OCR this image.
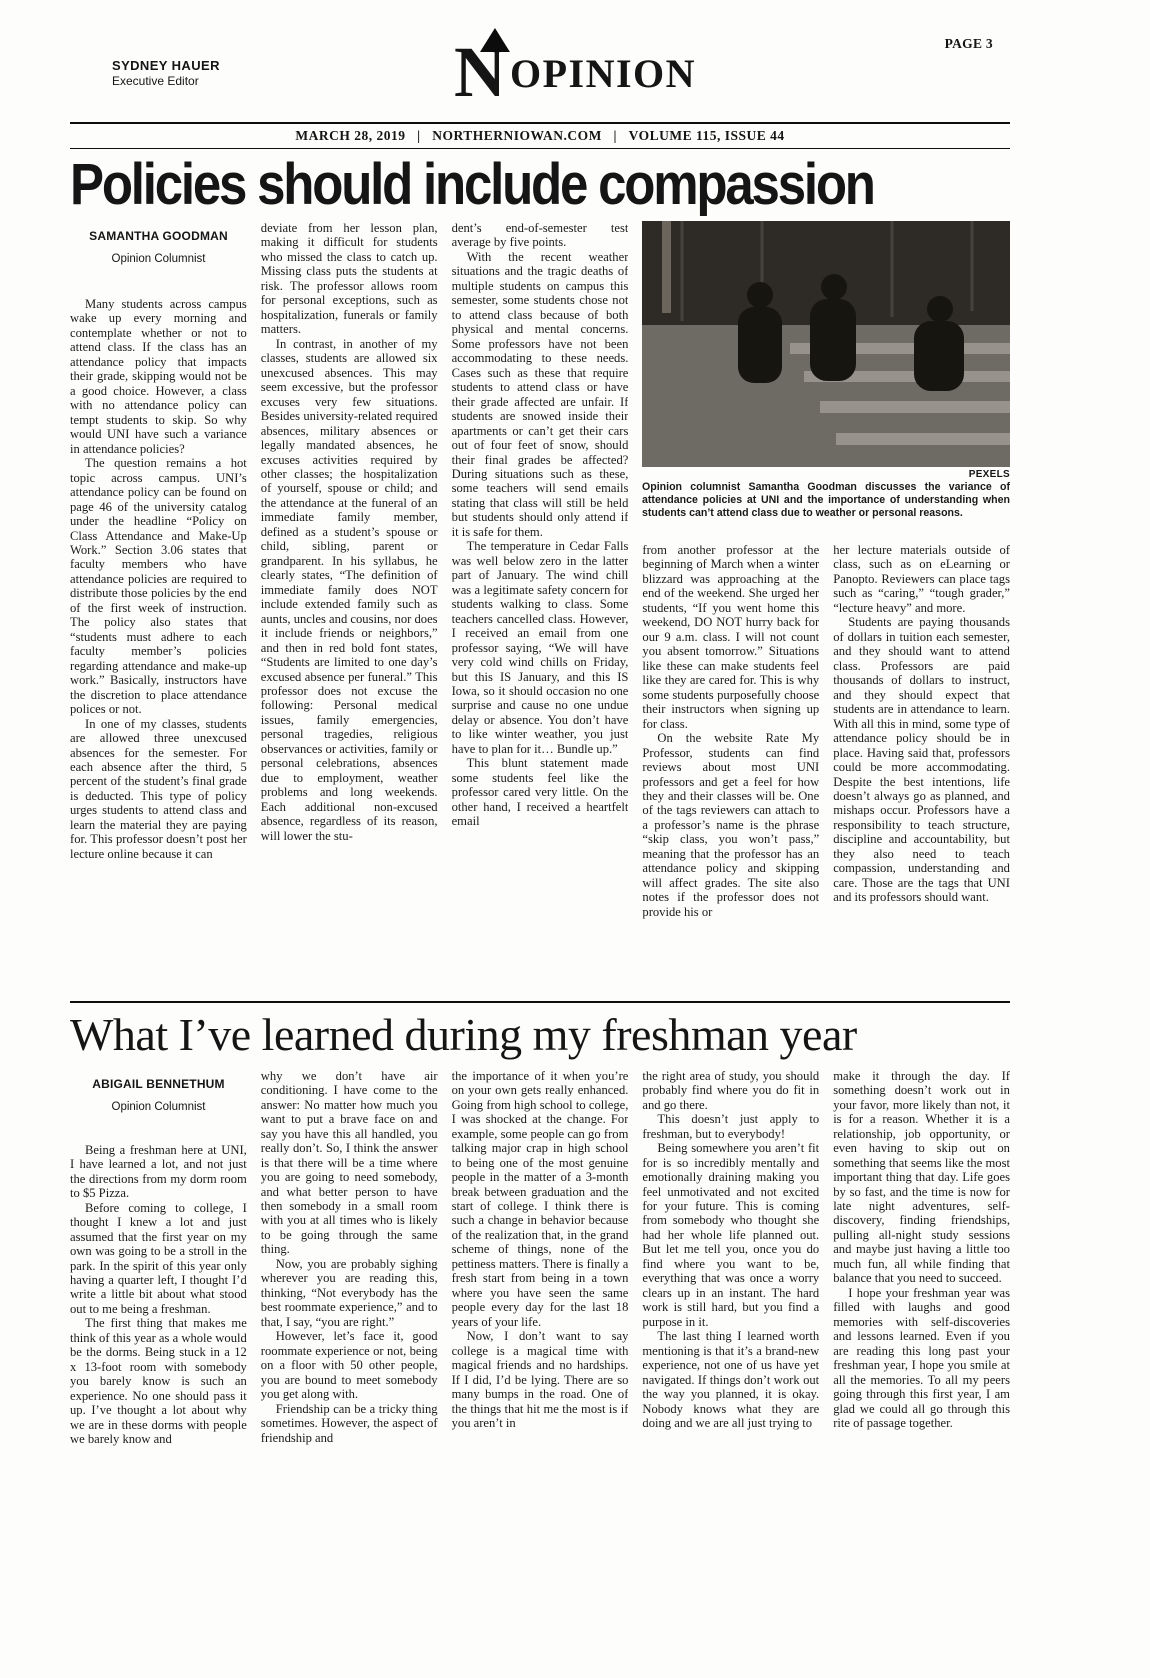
SYDNEY HAUER
Executive Editor
PAGE 3
N OPINION
MARCH 28, 2019   |   NORTHERNIOWAN.COM   |   VOLUME 115, ISSUE 44
Policies should include compassion
SAMANTHA GOODMAN
Opinion Columnist
PEXELS
Opinion columnist Samantha Goodman discusses the variance of attendance policies at UNI and the importance of understanding when students can’t attend class due to weather or personal reasons.

Many students across campus wake up every morning and contemplate whether or not to attend class. If the class has an attendance policy that impacts their grade, skipping would not be a good choice. However, a class with no attendance policy can tempt students to skip. So why would UNI have such a variance in attendance policies?

The question remains a hot topic across campus. UNI’s attendance policy can be found on page 46 of the university catalog under the headline “Policy on Class Attendance and Make-Up Work.” Section 3.06 states that faculty members who have attendance policies are required to distribute those policies by the end of the first week of instruction. The policy also states that “students must adhere to each faculty member’s policies regarding attendance and make-up work.” Basically, instructors have the discretion to place attendance polices or not.

In one of my classes, students are allowed three unexcused absences for the semester. For each absence after the third, 5 percent of the student’s final grade is deducted. This type of policy urges students to attend class and learn the material they are paying for. This professor doesn’t post her lecture online because it can

deviate from her lesson plan, making it difficult for students who missed the class to catch up. Missing class puts the students at risk. The professor allows room for personal exceptions, such as hospitalization, funerals or family matters.

In contrast, in another of my classes, students are allowed six unexcused absences. This may seem excessive, but the professor excuses very few situations. Besides university-related required absences, military absences or legally mandated absences, he excuses activities required by other classes; the hospitalization of yourself, spouse or child; and the attendance at the funeral of an immediate family member, defined as a student’s spouse or child, sibling, parent or grandparent. In his syllabus, he clearly states, “The definition of immediate family does NOT include extended family such as aunts, uncles and cousins, nor does it include friends or neighbors,” and then in red bold font states, “Students are limited to one day’s excused absence per funeral.” This professor does not excuse the following: Personal medical issues, family emergencies, personal tragedies, religious observances or activities, family or personal celebrations, absences due to employment, weather problems and long weekends. Each additional non-excused absence, regardless of its reason, will lower the stu-

dent’s end-of-semester test average by five points.

With the recent weather situations and the tragic deaths of multiple students on campus this semester, some students chose not to attend class because of both physical and mental concerns. Some professors have not been accommodating to these needs. Cases such as these that require students to attend class or have their grade affected are unfair. If students are snowed inside their apartments or can’t get their cars out of four feet of snow, should their final grades be affected? During situations such as these, some teachers will send emails stating that class will still be held but students should only attend if it is safe for them.

The temperature in Cedar Falls was well below zero in the latter part of January. The wind chill was a legitimate safety concern for students walking to class. Some teachers cancelled class. However, I received an email from one professor saying, “We will have very cold wind chills on Friday, but this IS January, and this IS Iowa, so it should occasion no one surprise and cause no one undue delay or absence. You don’t have to like winter weather, you just have to plan for it… Bundle up.”

This blunt statement made some students feel like the professor cared very little. On the other hand, I received a heartfelt email

from another professor at the beginning of March when a winter blizzard was approaching at the end of the weekend. She urged her students, “If you went home this weekend, DO NOT hurry back for our 9 a.m. class. I will not count you absent tomorrow.” Situations like these can make students feel like they are cared for. This is why some students purposefully choose their instructors when signing up for class.

On the website Rate My Professor, students can find reviews about most UNI professors and get a feel for how they and their classes will be. One of the tags reviewers can attach to a professor’s name is the phrase “skip class, you won’t pass,” meaning that the professor has an attendance policy and skipping will affect grades. The site also notes if the professor does not provide his or

her lecture materials outside of class, such as on eLearning or Panopto. Reviewers can place tags such as “caring,” “tough grader,” “lecture heavy” and more.

Students are paying thousands of dollars in tuition each semester, and they should want to attend class. Professors are paid thousands of dollars to instruct, and they should expect that students are in attendance to learn. With all this in mind, some type of attendance policy should be in place. Having said that, professors could be more accommodating. Despite the best intentions, life doesn’t always go as planned, and mishaps occur. Professors have a responsibility to teach structure, discipline and accountability, but they also need to teach compassion, understanding and care. Those are the tags that UNI and its professors should want.

What I’ve learned during my freshman year
ABIGAIL BENNETHUM
Opinion Columnist

Being a freshman here at UNI, I have learned a lot, and not just the directions from my dorm room to $5 Pizza.

Before coming to college, I thought I knew a lot and just assumed that the first year on my own was going to be a stroll in the park. In the spirit of this year only having a quarter left, I thought I’d write a little bit about what stood out to me being a freshman.

The first thing that makes me think of this year as a whole would be the dorms. Being stuck in a 12 x 13-foot room with somebody you barely know is such an experience. No one should pass it up. I’ve thought a lot about why we are in these dorms with people we barely know and

why we don’t have air conditioning. I have come to the answer: No matter how much you want to put a brave face on and say you have this all handled, you really don’t. So, I think the answer is that there will be a time where you are going to need somebody, and what better person to have then somebody in a small room with you at all times who is likely to be going through the same thing.

Now, you are probably sighing wherever you are reading this, thinking, “Not everybody has the best roommate experience,” and to that, I say, “you are right.”

However, let’s face it, good roommate experience or not, being on a floor with 50 other people, you are bound to meet somebody you get along with.

Friendship can be a tricky thing sometimes. However, the aspect of friendship and

the importance of it when you’re on your own gets really enhanced. Going from high school to college, I was shocked at the change. For example, some people can go from talking major crap in high school to being one of the most genuine people in the matter of a 3-month break between graduation and the start of college. I think there is such a change in behavior because of the realization that, in the grand scheme of things, none of the pettiness matters. There is finally a fresh start from being in a town where you have seen the same people every day for the last 18 years of your life.

Now, I don’t want to say college is a magical time with magical friends and no hardships. If I did, I’d be lying. There are so many bumps in the road. One of the things that hit me the most is if you aren’t in

the right area of study, you should probably find where you do fit in and go there.

This doesn’t just apply to freshman, but to everybody!

Being somewhere you aren’t fit for is so incredibly mentally and emotionally draining making you feel unmotivated and not excited for your future. This is coming from somebody who thought she had her whole life planned out. But let me tell you, once you do find where you want to be, everything that was once a worry clears up in an instant. The hard work is still hard, but you find a purpose in it.

The last thing I learned worth mentioning is that it’s a brand-new experience, not one of us have yet navigated. If things don’t work out the way you planned, it is okay. Nobody knows what they are doing and we are all just trying to

make it through the day. If something doesn’t work out in your favor, more likely than not, it is for a reason. Whether it is a relationship, job opportunity, or even having to skip out on something that seems like the most important thing that day. Life goes by so fast, and the time is now for late night adventures, self-discovery, finding friendships, pulling all-night study sessions and maybe just having a little too much fun, all while finding that balance that you need to succeed.

I hope your freshman year was filled with laughs and good memories with self-discoveries and lessons learned. Even if you are reading this long past your freshman year, I hope you smile at all the memories. To all my peers going through this first year, I am glad we could all go through this rite of passage together.
